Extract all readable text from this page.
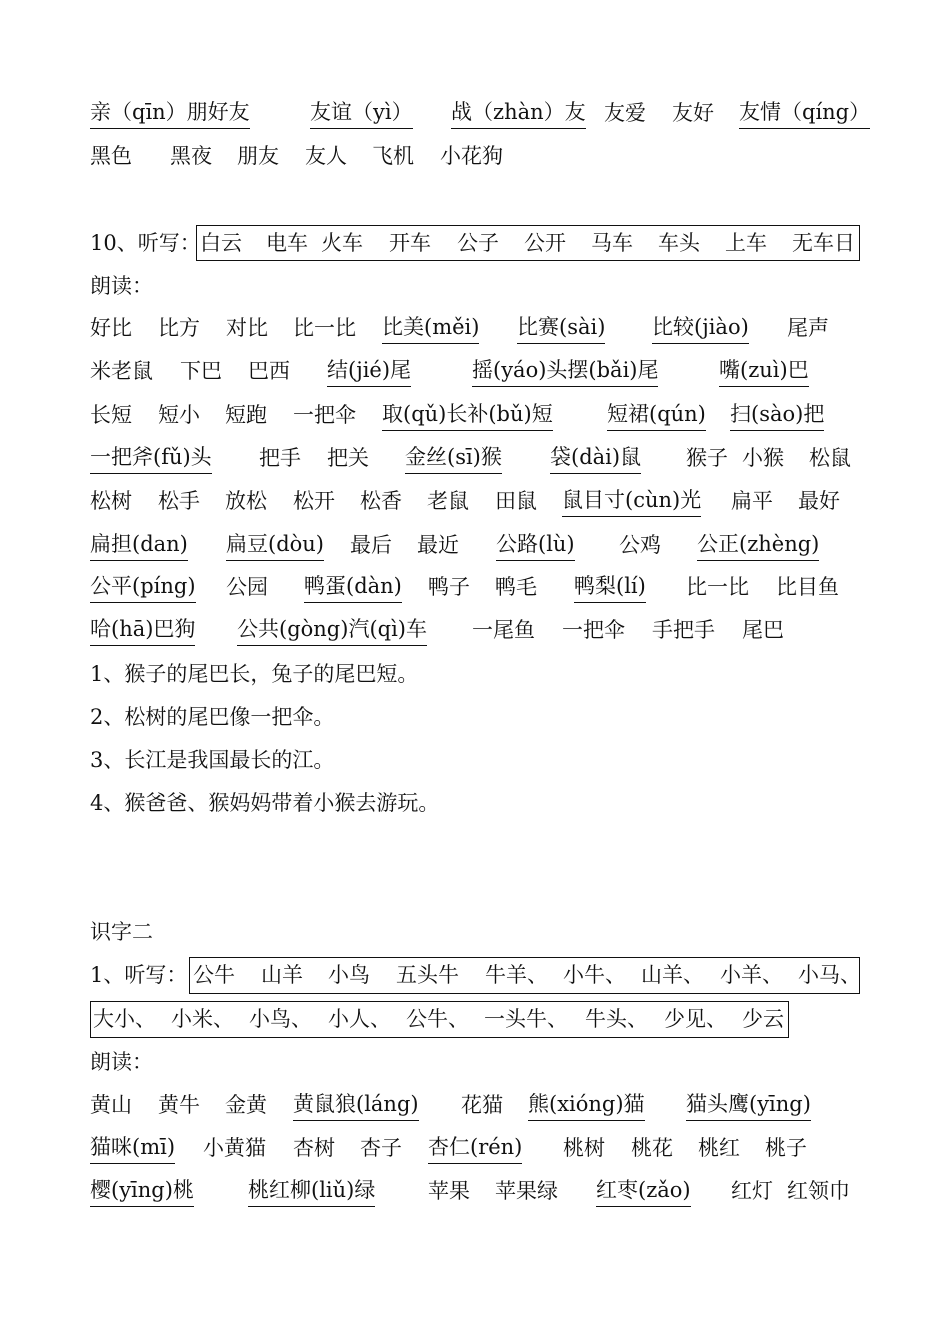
亲（qīn）朋好友	友谊（yì） 战（zhàn）友 友爱 友好 友情（qíng）
黑色 黑夜 朋友 友人 飞机 小花狗
10、听写： 白云 电车 火车 开车 公子 公开 马车 车头 上车 无车日
朗读：
好比 比方 对比 比一比 比美(měi) 比赛(sài) 比较(jiào) 尾声
米老鼠 下巴 巴西 结(jié)尾	摇(yáo)头摆(bǎi)尾	嘴(zuì)巴
长短 短小 短跑 一把伞 取(qǔ)长补(bǔ)短	短裙(qún) 扫(sào)把
一把斧(fǔ)头 把手 把关 金丝(sī)猴 袋(dài)鼠 猴子 小猴 松鼠
松树 松手 放松 松开 松香 老鼠 田鼠 鼠目寸(cùn)光 扁平 最好
扁担(dan) 扁豆(dòu) 最后 最近 公路(lù) 公鸡 公正(zhèng)
公平(píng) 公园 鸭蛋(dàn) 鸭子 鸭毛 鸭梨(lí) 比一比 比目鱼
哈(hā)巴狗 公共(gòng)汽(qì)车 一尾鱼 一把伞 手把手 尾巴
1、猴子的尾巴长，兔子的尾巴短。
2、松树的尾巴像一把伞。
3、长江是我国最长的江。
4、猴爸爸、猴妈妈带着小猴去游玩。
识字二
1、听写： 公牛 山羊 小鸟 五头牛 牛羊、 小牛、 山羊、 小羊、 小马、
大小、 小米、 小鸟、 小人、 公牛、 一头牛、 牛头、 少见、 少云
朗读：
黄山 黄牛 金黄 黄鼠狼(láng) 花猫 熊(xióng)猫 猫头鹰(yīng)
猫咪(mī) 小黄猫 杏树 杏子 杏仁(rén) 桃树 桃花 桃红 桃子
樱(yīng)桃	桃红柳(liǔ)绿	苹果 苹果绿 红枣(zǎo) 红灯 红领巾
